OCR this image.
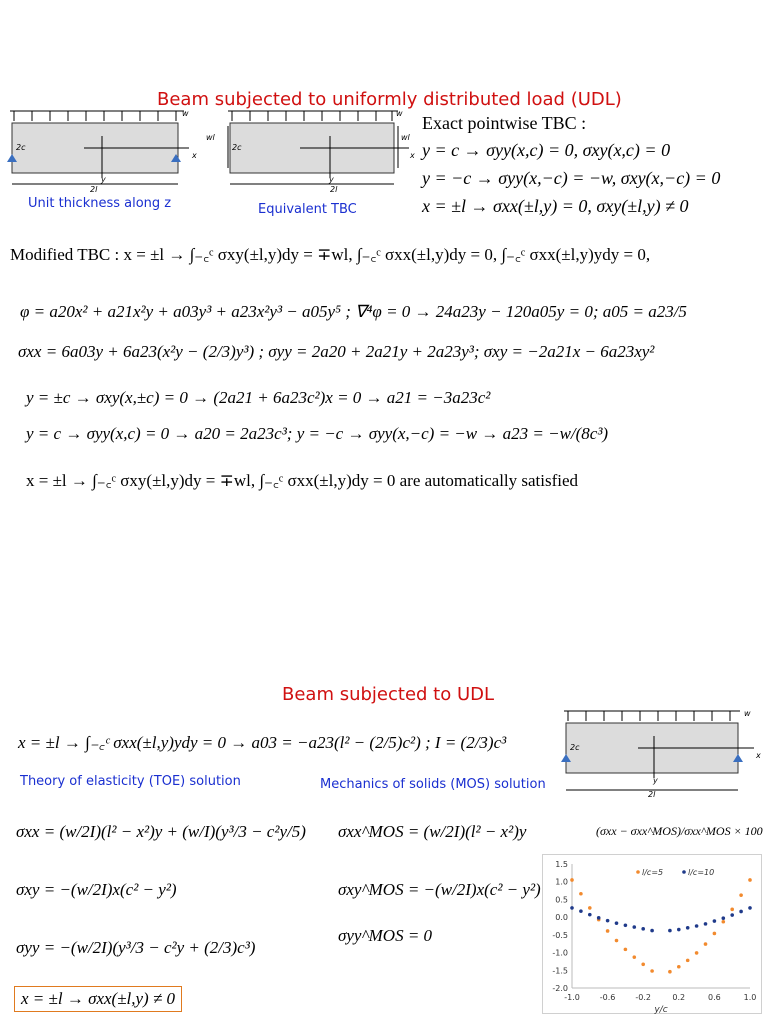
Beam subjected to uniformly distributed load (UDL)
w
2c
x
y
2l
w
wl	wl
2c
x
y
2l
Unit thickness along z	Equivalent TBC
Exact pointwise TBC :
y = c → σyy(x,c) = 0, σxy(x,c) = 0
y = −c → σyy(x,−c) = −w, σxy(x,−c) = 0
x = ±l → σxx(±l,y) = 0, σxy(±l,y) ≠ 0
Modified TBC : x = ±l → ∫₋꜀ᶜ σxy(±l,y)dy = ∓wl, ∫₋꜀ᶜ σxx(±l,y)dy = 0, ∫₋꜀ᶜ σxx(±l,y)ydy = 0,
φ = a20x² + a21x²y + a03y³ + a23x²y³ − a05y⁵ ; ∇⁴φ = 0 → 24a23y − 120a05y = 0; a05 = a23/5
σxx = 6a03y + 6a23(x²y − (2/3)y³) ; σyy = 2a20 + 2a21y + 2a23y³; σxy = −2a21x − 6a23xy²
y = ±c → σxy(x,±c) = 0 → (2a21 + 6a23c²)x = 0 → a21 = −3a23c²
y = c → σyy(x,c) = 0 → a20 = 2a23c³; y = −c → σyy(x,−c) = −w → a23 = −w/(8c³)
x = ±l → ∫₋꜀ᶜ σxy(±l,y)dy = ∓wl, ∫₋꜀ᶜ σxx(±l,y)dy = 0 are automatically satisfied
Beam subjected to UDL
x = ±l → ∫₋꜀ᶜ σxx(±l,y)ydy = 0 → a03 = −a23(l² − (2/5)c²) ; I = (2/3)c³
w
2c
x
y
2l
Theory of elasticity (TOE) solution	Mechanics of solids (MOS) solution
σxx = (w/2I)(l² − x²)y + (w/I)(y³/3 − c²y/5)
σxy = −(w/2I)x(c² − y²)
σyy = −(w/2I)(y³/3 − c²y + (2/3)c³)
σxx^MOS = (w/2I)(l² − x²)y
σxy^MOS = −(w/2I)x(c² − y²)
σyy^MOS = 0
x = ±l → σxx(±l,y) ≠ 0
(σxx − σxx^MOS)/σxx^MOS × 100
1.5
1.0
0.5
0.0
-0.5
-1.0
-1.5
-2.0
-1.0 -0.6 -0.2	0.2	0.6	1.0
y/c
l/c=5	l/c=10
